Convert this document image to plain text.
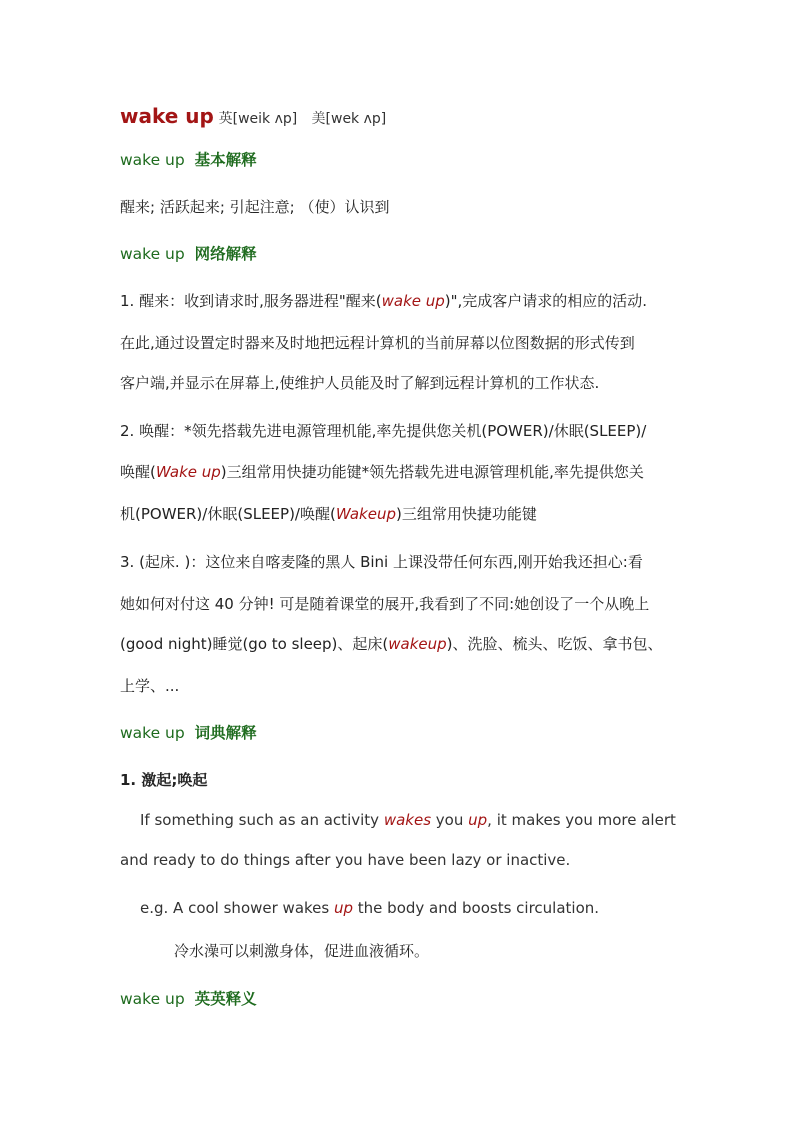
wake up 英[weik ʌp] 美[wek ʌp]
wake up 基本解释
醒来; 活跃起来; 引起注意; （使）认识到
wake up 网络解释
1. 醒来：收到请求时,服务器进程"醒来(wake up)",完成客户请求的相应的活动.
在此,通过设置定时器来及时地把远程计算机的当前屏幕以位图数据的形式传到
客户端,并显示在屏幕上,使维护人员能及时了解到远程计算机的工作状态.
2. 唤醒：*领先搭载先进电源管理机能,率先提供您关机(POWER)/休眠(SLEEP)/
唤醒(Wake up)三组常用快捷功能键*领先搭载先进电源管理机能,率先提供您关
机(POWER)/休眠(SLEEP)/唤醒(Wakeup)三组常用快捷功能键
3. (起床. )：这位来自喀麦隆的黑人 Bini 上课没带任何东西,刚开始我还担心:看
她如何对付这 40 分钟! 可是随着课堂的展开,我看到了不同:她创设了一个从晚上
(good night)睡觉(go to sleep)、起床(wakeup)、洗脸、梳头、吃饭、拿书包、
上学、...
wake up 词典解释
1. 激起;唤起
If something such as an activity wakes you up, it makes you more alert
and ready to do things after you have been lazy or inactive.
e.g. A cool shower wakes up the body and boosts circulation.
冷水澡可以刺激身体，促进血液循环。
wake up 英英释义
